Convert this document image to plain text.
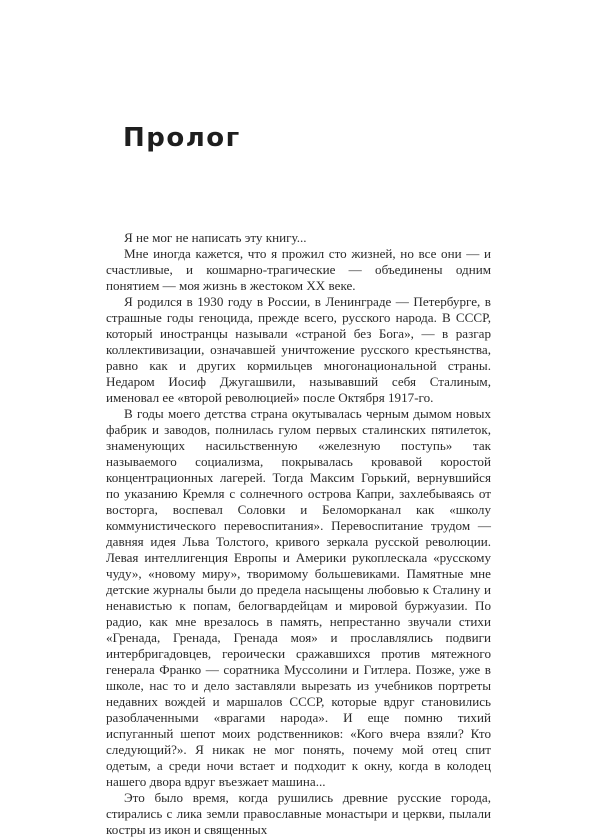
Пролог

Я не мог не написать эту книгу...

Мне иногда кажется, что я прожил сто жизней, но все они — и счастливые, и кошмарно-трагические — объединены одним понятием — моя жизнь в жестоком XX веке.

Я родился в 1930 году в России, в Ленинграде — Петербурге, в страшные годы геноцида, прежде всего, русского народа. В СССР, который иностранцы называли «страной без Бога», — в разгар коллективизации, означавшей уничтожение русского крестьянства, равно как и других кормильцев многонациональной страны. Недаром Иосиф Джугашвили, называвший себя Сталиным, именовал ее «второй революцией» после Октября 1917-го.

В годы моего детства страна окутывалась черным дымом новых фабрик и заводов, полнилась гулом первых сталинских пятилеток, знаменующих насильственную «железную поступь» так называемого социализма, покрывалась кровавой коростой концентрационных лагерей. Тогда Максим Горький, вернувшийся по указанию Кремля с солнечного острова Капри, захлебываясь от восторга, воспевал Соловки и Беломорканал как «школу коммунистического перевоспитания». Перевоспитание трудом — давняя идея Льва Толстого, кривого зеркала русской революции. Левая интеллигенция Европы и Америки рукоплескала «русскому чуду», «новому миру», творимому большевиками. Памятные мне детские журналы были до предела насыщены любовью к Сталину и ненавистью к попам, белогвардейцам и мировой буржуазии. По радио, как мне врезалось в память, непрестанно звучали стихи «Гренада, Гренада, Гренада моя» и прославлялись подвиги интербригадовцев, героически сражавшихся против мятежного генерала Франко — соратника Муссолини и Гитлера. Позже, уже в школе, нас то и дело заставляли вырезать из учебников портреты недавних вождей и маршалов СССР, которые вдруг становились разоблаченными «врагами народа». И еще помню тихий испуганный шепот моих родственников: «Кого вчера взяли? Кто следующий?». Я никак не мог понять, почему мой отец спит одетым, а среди ночи встает и подходит к окну, когда в колодец нашего двора вдруг въезжает машина...

Это было время, когда рушились древние русские города, стирались с лика земли православные монастыри и церкви, пылали костры из икон и священных
